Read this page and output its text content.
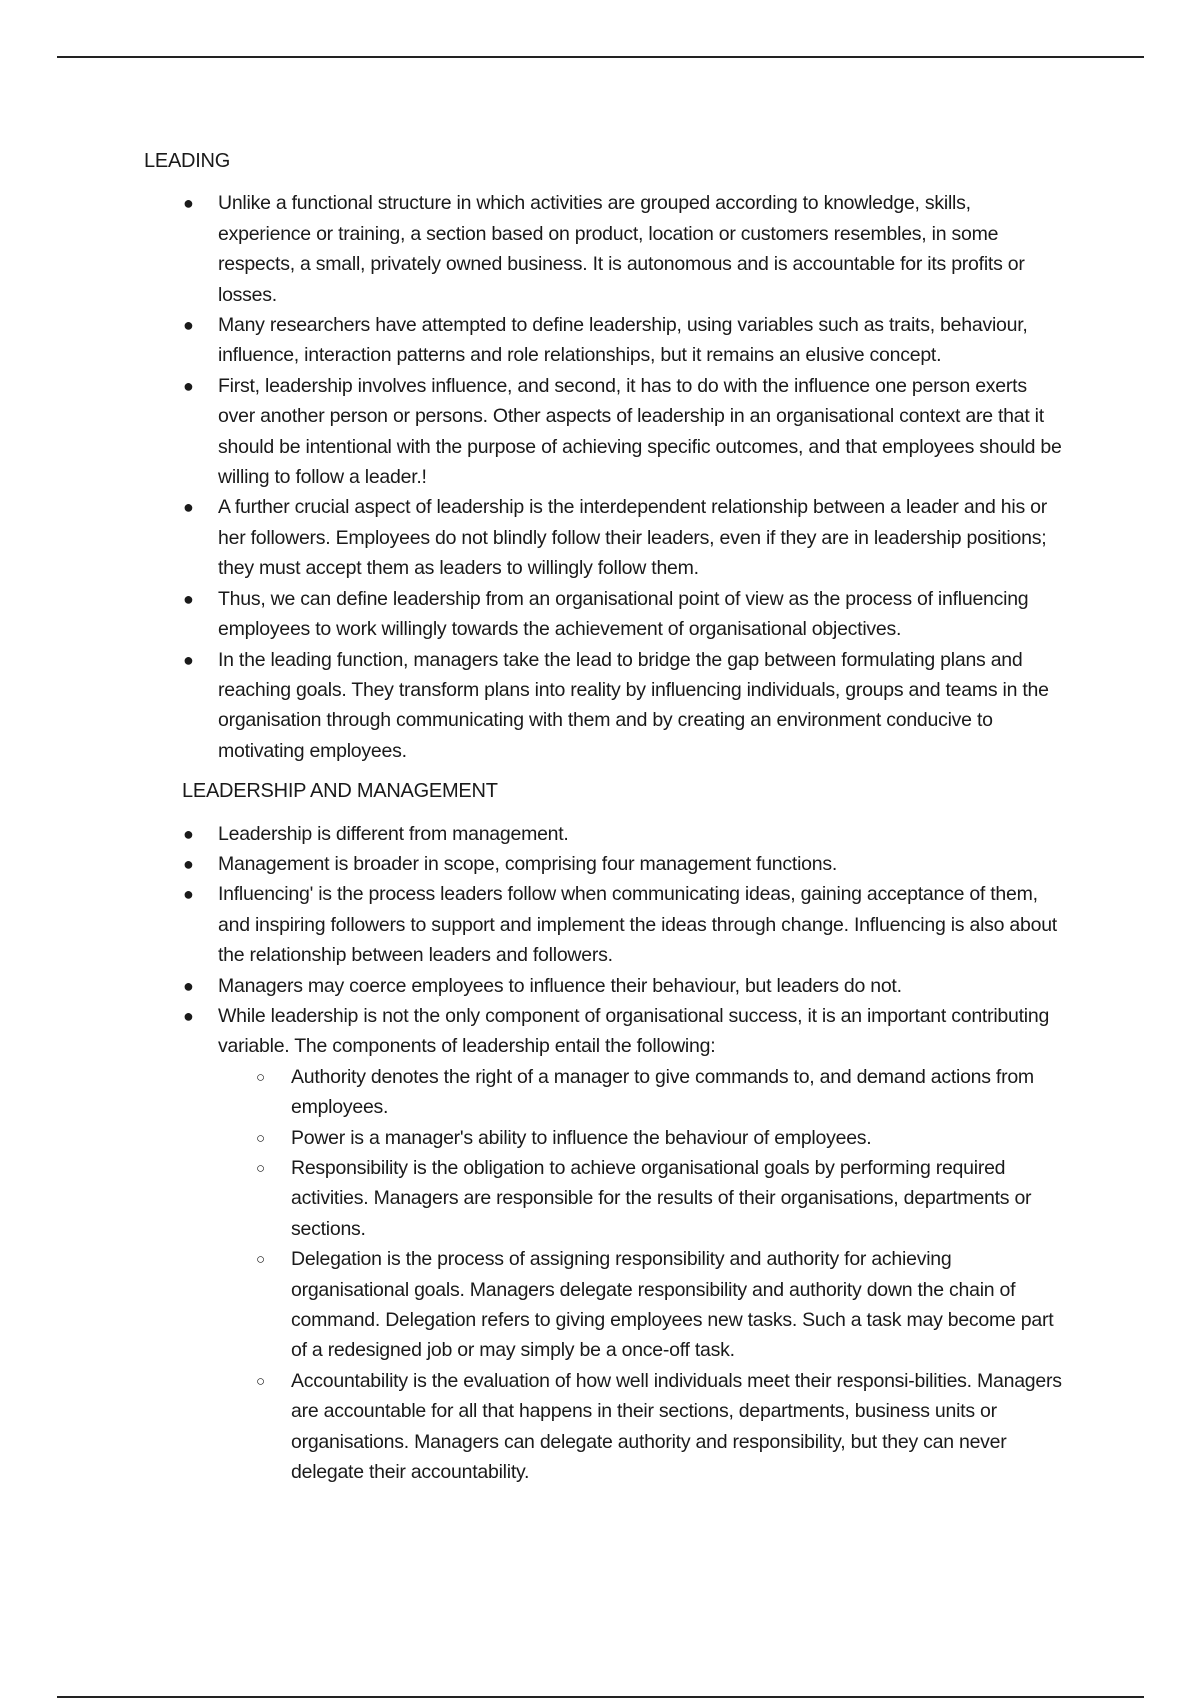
LEADING
● Unlike a functional structure in which activities are grouped according to knowledge, skills, experience or training, a section based on product, location or customers resembles, in some respects, a small, privately owned business. It is autonomous and is accountable for its profits or losses.
● Many researchers have attempted to define leadership, using variables such as traits, behaviour, influence, interaction patterns and role relationships, but it remains an elusive concept.
● First, leadership involves influence, and second, it has to do with the influence one person exerts over another person or persons. Other aspects of leadership in an organisational context are that it should be intentional with the purpose of achieving specific outcomes, and that employees should be willing to follow a leader.!
● A further crucial aspect of leadership is the interdependent relationship between a leader and his or her followers. Employees do not blindly follow their leaders, even if they are in leadership positions; they must accept them as leaders to willingly follow them.
● Thus, we can define leadership from an organisational point of view as the process of influencing employees to work willingly towards the achievement of organisational objectives.
● In the leading function, managers take the lead to bridge the gap between formulating plans and reaching goals. They transform plans into reality by influencing individuals, groups and teams in the organisation through communicating with them and by creating an environment conducive to motivating employees.
LEADERSHIP AND MANAGEMENT
● Leadership is different from management.
● Management is broader in scope, comprising four management functions.
● Influencing' is the process leaders follow when communicating ideas, gaining acceptance of them, and inspiring followers to support and implement the ideas through change. Influencing is also about the relationship between leaders and followers.
● Managers may coerce employees to influence their behaviour, but leaders do not.
● While leadership is not the only component of organisational success, it is an important contributing variable. The components of leadership entail the following:
○ Authority denotes the right of a manager to give commands to, and demand actions from employees.
○ Power is a manager's ability to influence the behaviour of employees.
○ Responsibility is the obligation to achieve organisational goals by performing required activities. Managers are responsible for the results of their organisations, departments or sections.
○ Delegation is the process of assigning responsibility and authority for achieving organisational goals. Managers delegate responsibility and authority down the chain of command. Delegation refers to giving employees new tasks. Such a task may become part of a redesigned job or may simply be a once-off task.
○ Accountability is the evaluation of how well individuals meet their responsi-bilities. Managers are accountable for all that happens in their sections, departments, business units or organisations. Managers can delegate authority and responsibility, but they can never delegate their accountability.
